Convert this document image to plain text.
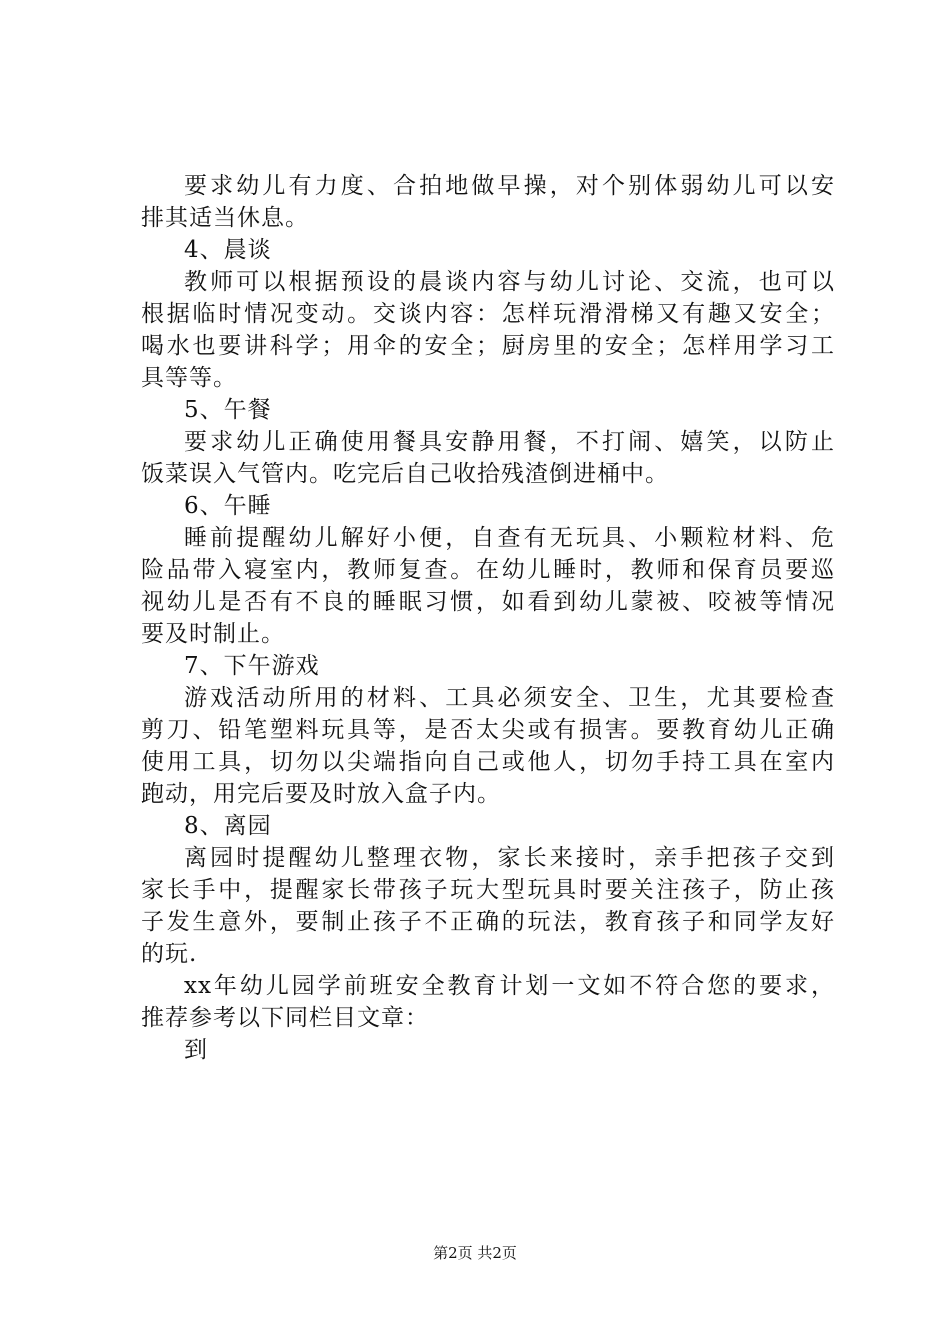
要求幼儿有力度、合拍地做早操，对个别体弱幼儿可以安
排其适当休息。
4、晨谈
教师可以根据预设的晨谈内容与幼儿讨论、交流，也可以
根据临时情况变动。交谈内容：怎样玩滑滑梯又有趣又安全；
喝水也要讲科学；用伞的安全；厨房里的安全；怎样用学习工
具等等。
5、午餐
要求幼儿正确使用餐具安静用餐，不打闹、嬉笑，以防止
饭菜误入气管内。吃完后自己收拾残渣倒进桶中。
6、午睡
睡前提醒幼儿解好小便，自查有无玩具、小颗粒材料、危
险品带入寝室内，教师复查。在幼儿睡时，教师和保育员要巡
视幼儿是否有不良的睡眠习惯，如看到幼儿蒙被、咬被等情况
要及时制止。
7、下午游戏
游戏活动所用的材料、工具必须安全、卫生，尤其要检查
剪刀、铅笔塑料玩具等，是否太尖或有损害。要教育幼儿正确
使用工具，切勿以尖端指向自己或他人，切勿手持工具在室内
跑动，用完后要及时放入盒子内。
8、离园
离园时提醒幼儿整理衣物，家长来接时，亲手把孩子交到
家长手中，提醒家长带孩子玩大型玩具时要关注孩子，防止孩
子发生意外，要制止孩子不正确的玩法，教育孩子和同学友好
的玩.
xx年幼儿园学前班安全教育计划一文如不符合您的要求，
推荐参考以下同栏目文章：
到
第2页 共2页
